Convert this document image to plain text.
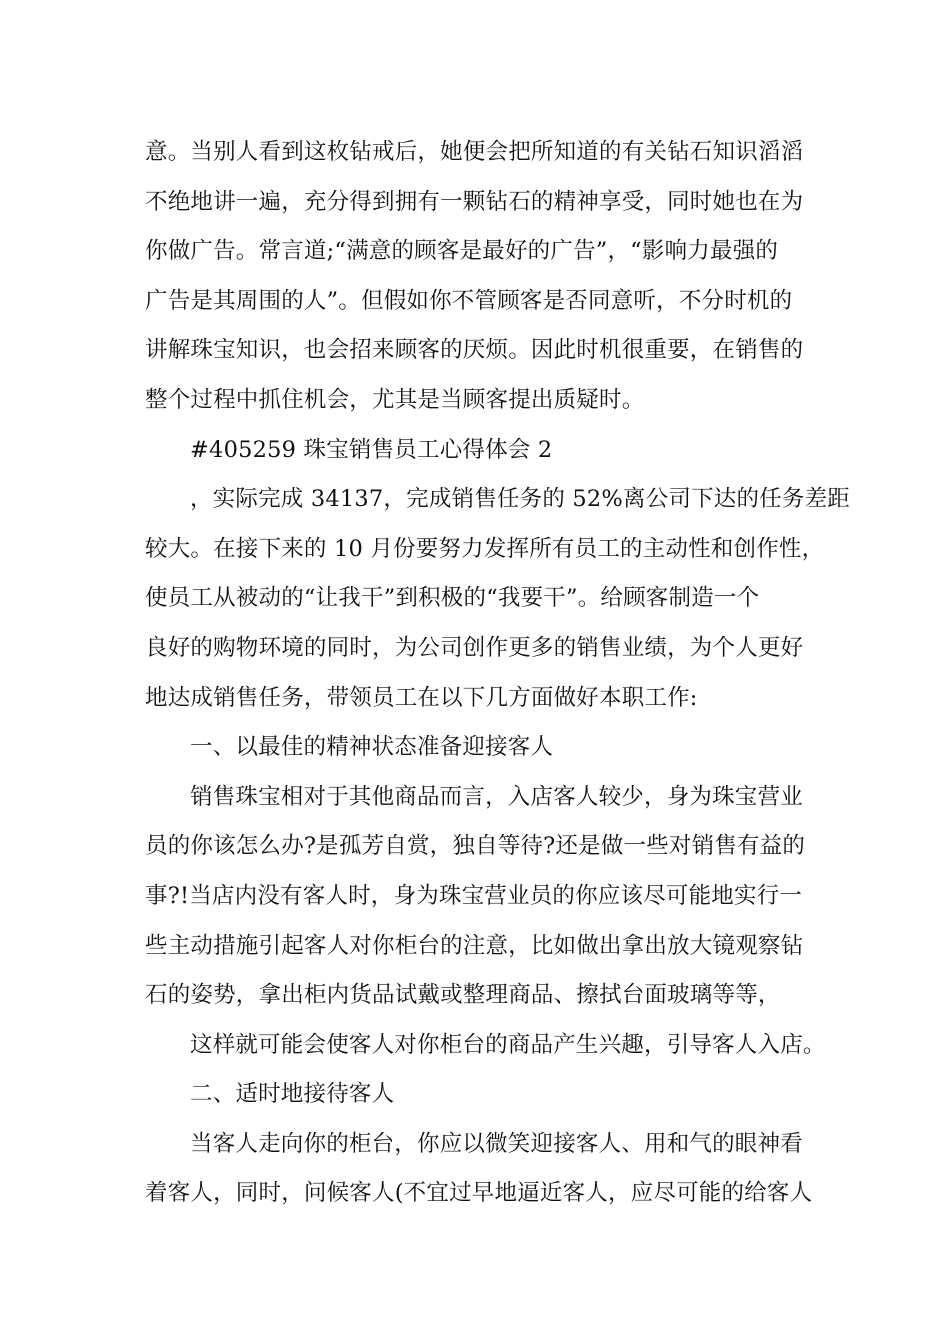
意。当别人看到这枚钻戒后，她便会把所知道的有关钻石知识滔滔
不绝地讲一遍，充分得到拥有一颗钻石的精神享受，同时她也在为
你做广告。常言道;“满意的顾客是最好的广告”，“影响力最强的
广告是其周围的人”。但假如你不管顾客是否同意听，不分时机的
讲解珠宝知识，也会招来顾客的厌烦。因此时机很重要，在销售的
整个过程中抓住机会，尤其是当顾客提出质疑时。
#405259 珠宝销售员工心得体会 2
，实际完成 34137，完成销售任务的 52%离公司下达的任务差距
较大。在接下来的 10 月份要努力发挥所有员工的主动性和创作性，
使员工从被动的“让我干”到积极的“我要干”。给顾客制造一个
良好的购物环境的同时，为公司创作更多的销售业绩，为个人更好
地达成销售任务，带领员工在以下几方面做好本职工作:
一、以最佳的精神状态准备迎接客人
销售珠宝相对于其他商品而言，入店客人较少，身为珠宝营业
员的你该怎么办?是孤芳自赏，独自等待?还是做一些对销售有益的
事?!当店内没有客人时，身为珠宝营业员的你应该尽可能地实行一
些主动措施引起客人对你柜台的注意，比如做出拿出放大镜观察钻
石的姿势，拿出柜内货品试戴或整理商品、擦拭台面玻璃等等，
这样就可能会使客人对你柜台的商品产生兴趣，引导客人入店。
二、适时地接待客人
当客人走向你的柜台，你应以微笑迎接客人、用和气的眼神看
着客人，同时，问候客人(不宜过早地逼近客人，应尽可能的给客人
